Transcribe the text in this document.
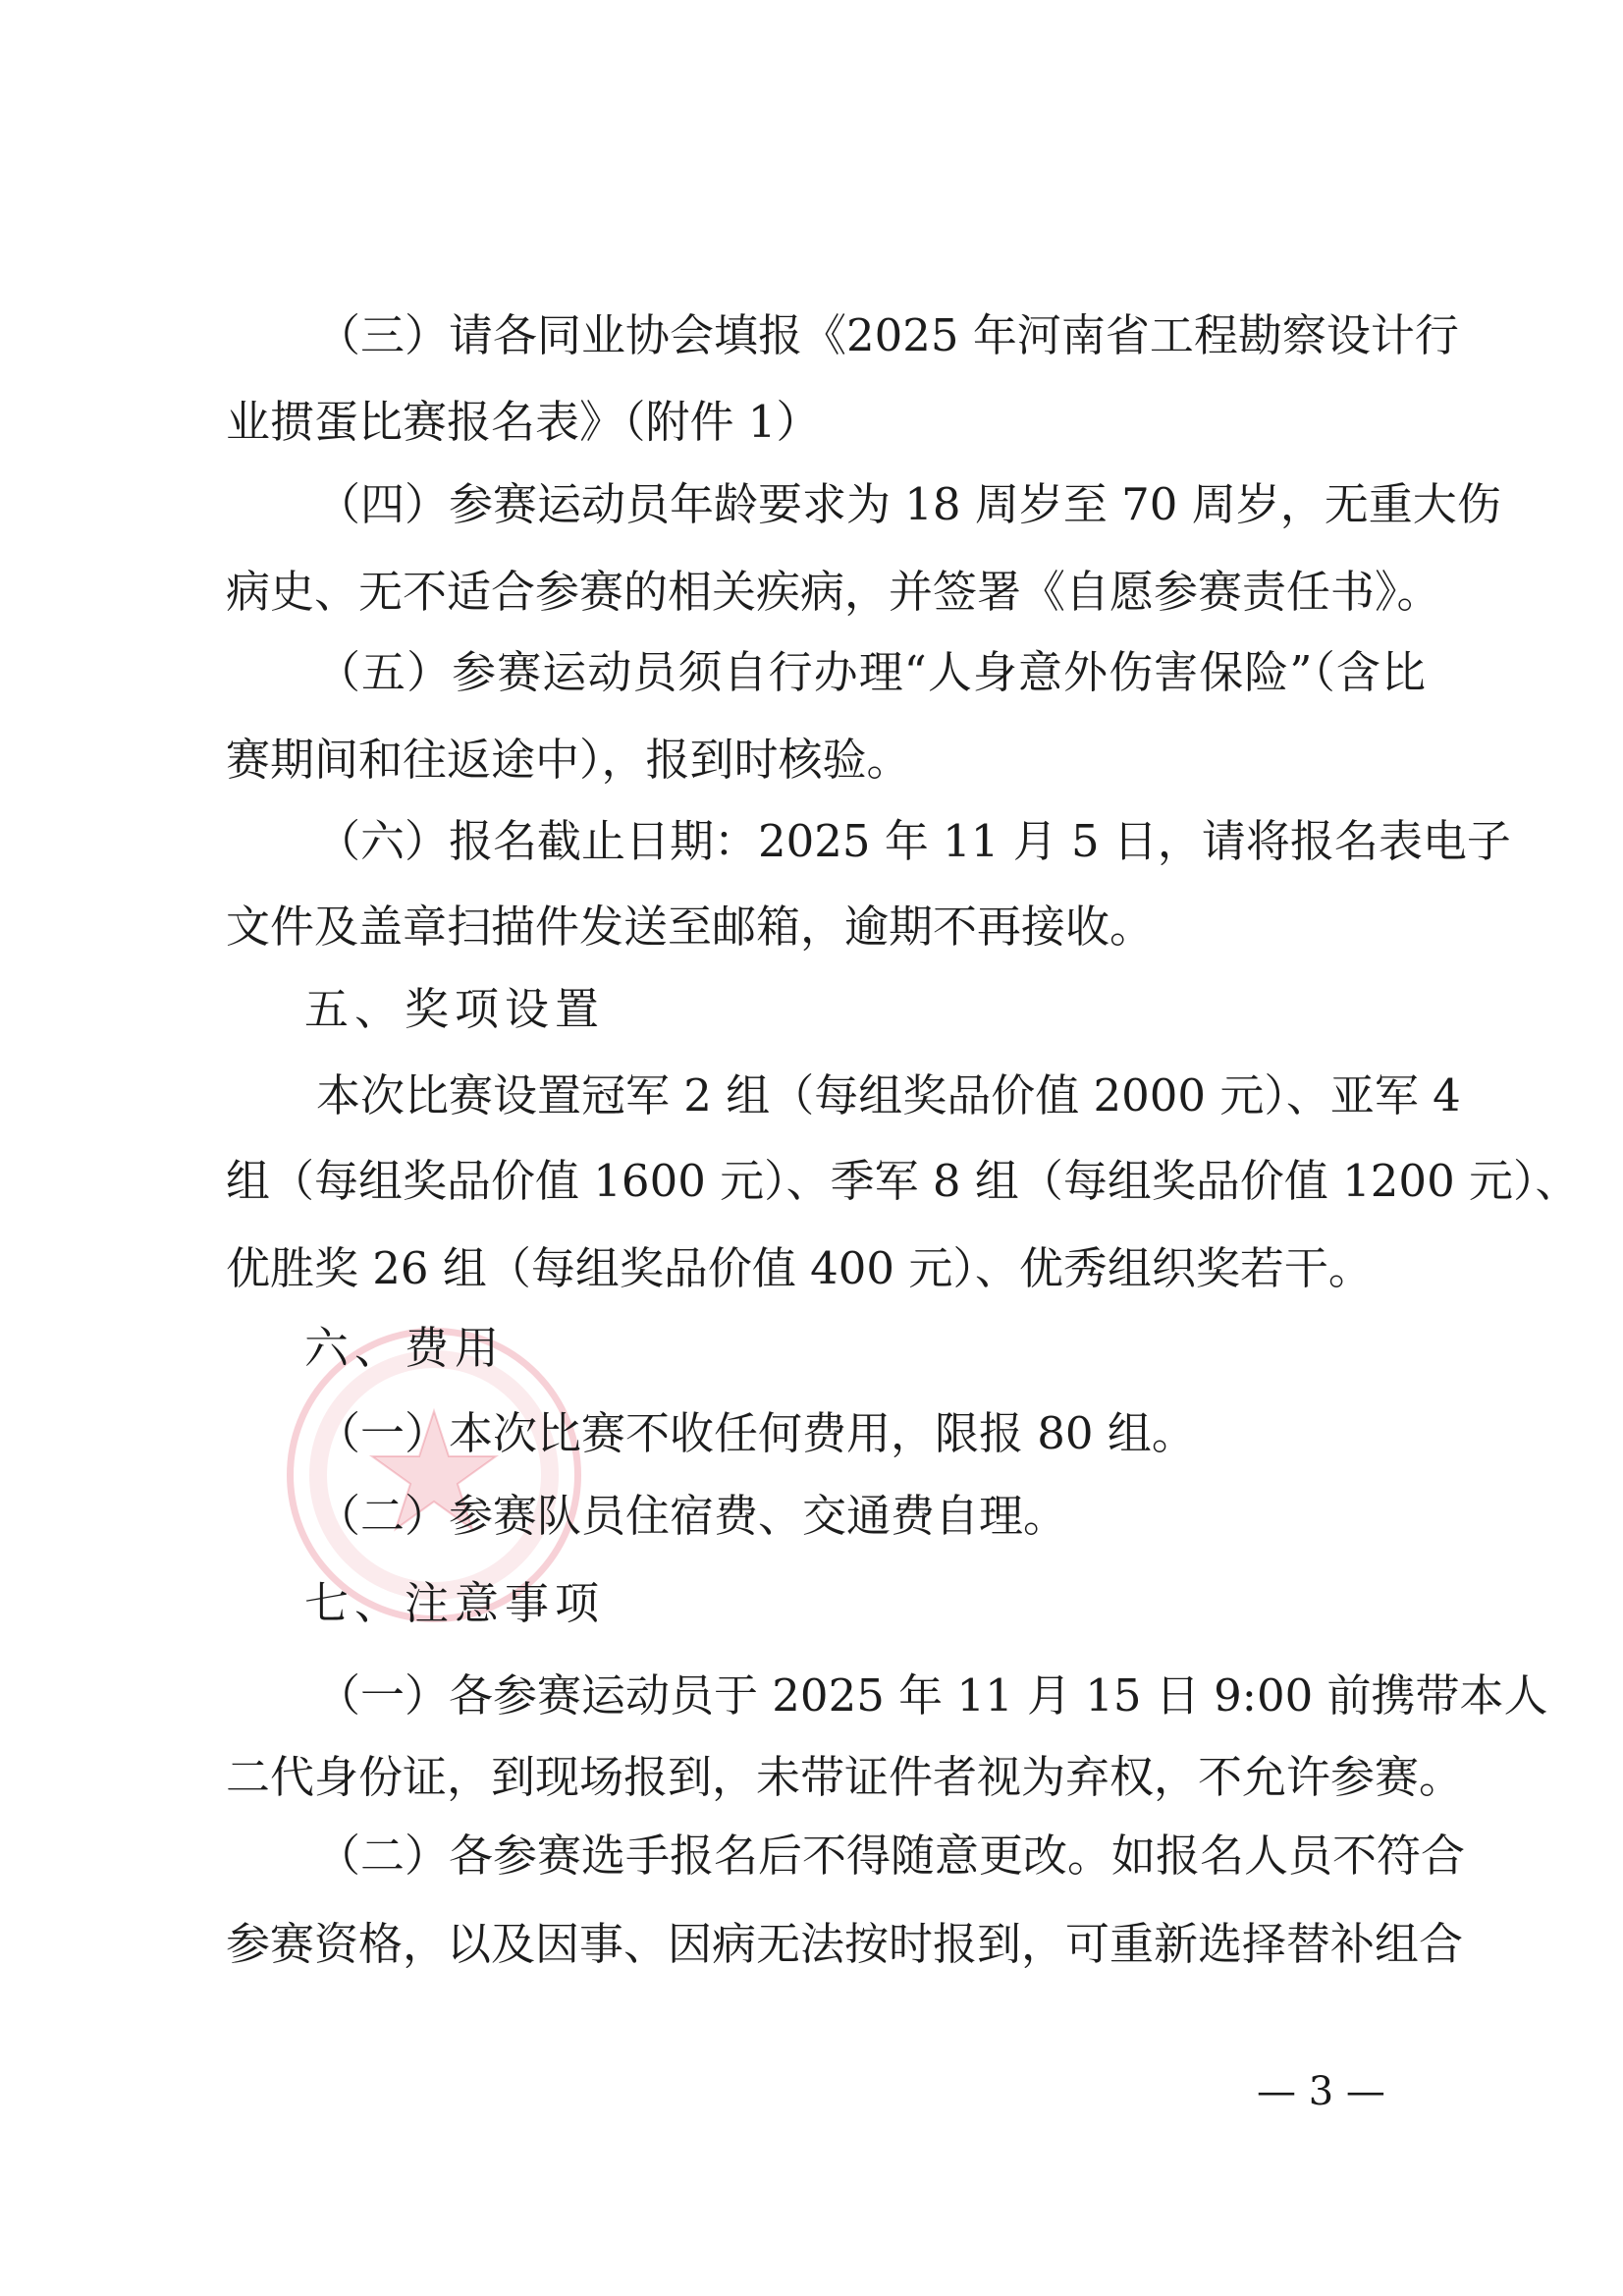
（三）请各同业协会填报《2025 年河南省工程勘察设计行
业掼蛋比赛报名表》（附件 1）
（四）参赛运动员年龄要求为 18 周岁至 70 周岁，无重大伤
病史、无不适合参赛的相关疾病，并签署《自愿参赛责任书》。
（五）参赛运动员须自行办理“人身意外伤害保险”（含比
赛期间和往返途中），报到时核验。
（六）报名截止日期：2025 年 11 月 5 日，请将报名表电子
文件及盖章扫描件发送至邮箱，逾期不再接收。
五、奖项设置
本次比赛设置冠军 2 组（每组奖品价值 2000 元）、亚军 4
组（每组奖品价值 1600 元）、季军 8 组（每组奖品价值 1200 元）、
优胜奖 26 组（每组奖品价值 400 元）、优秀组织奖若干。
六、费用
（一）本次比赛不收任何费用，限报 80 组。
（二）参赛队员住宿费、交通费自理。
七、注意事项
（一）各参赛运动员于 2025 年 11 月 15 日 9:00 前携带本人
二代身份证，到现场报到，未带证件者视为弃权，不允许参赛。
（二）各参赛选手报名后不得随意更改。如报名人员不符合
参赛资格，以及因事、因病无法按时报到，可重新选择替补组合
— 3 —
